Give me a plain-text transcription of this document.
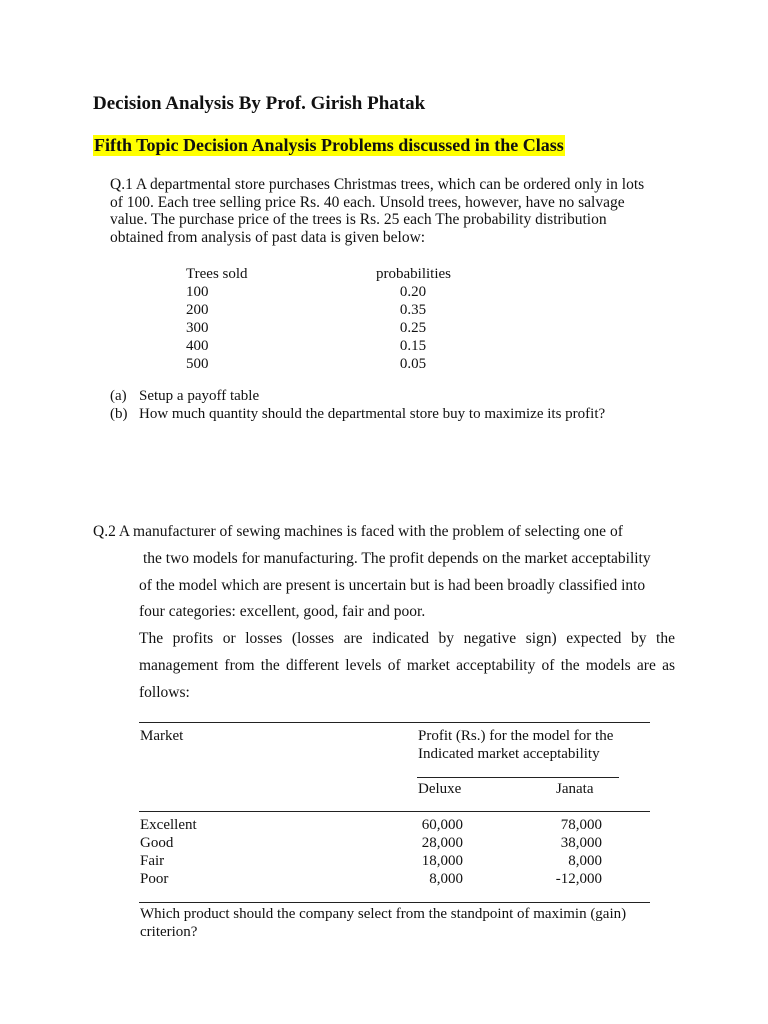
Decision Analysis By Prof. Girish Phatak
Fifth Topic Decision Analysis Problems discussed in the Class
Q.1 A departmental store purchases Christmas trees, which can be ordered only in lots
of 100. Each tree selling price Rs. 40 each. Unsold trees, however, have no salvage
value. The purchase price of the trees is Rs. 25 each The probability distribution
obtained from analysis of past data is given below:
Trees sold
100
200
300
400
500
probabilities
0.20
0.35
0.25
0.15
0.05
(a) Setup a payoff table
(b) How much quantity should the departmental store buy to maximize its profit?
Q.2 A manufacturer of sewing machines is faced with the problem of selecting one of
the two models for manufacturing. The profit depends on the market acceptability
of the model which are present is uncertain but is had been broadly classified into
four categories: excellent, good, fair and poor.
The profits or losses (losses are indicated by negative sign) expected by the
management from the different levels of market acceptability of the models are as
follows:
Market	Profit (Rs.) for the model for the
Indicated market acceptability
Deluxe	Janata
Excellent
Good
Fair
Poor
60,000
28,000
18,000
8,000
78,000
38,000
8,000
-12,000
Which product should the company select from the standpoint of maximin (gain)
criterion?
